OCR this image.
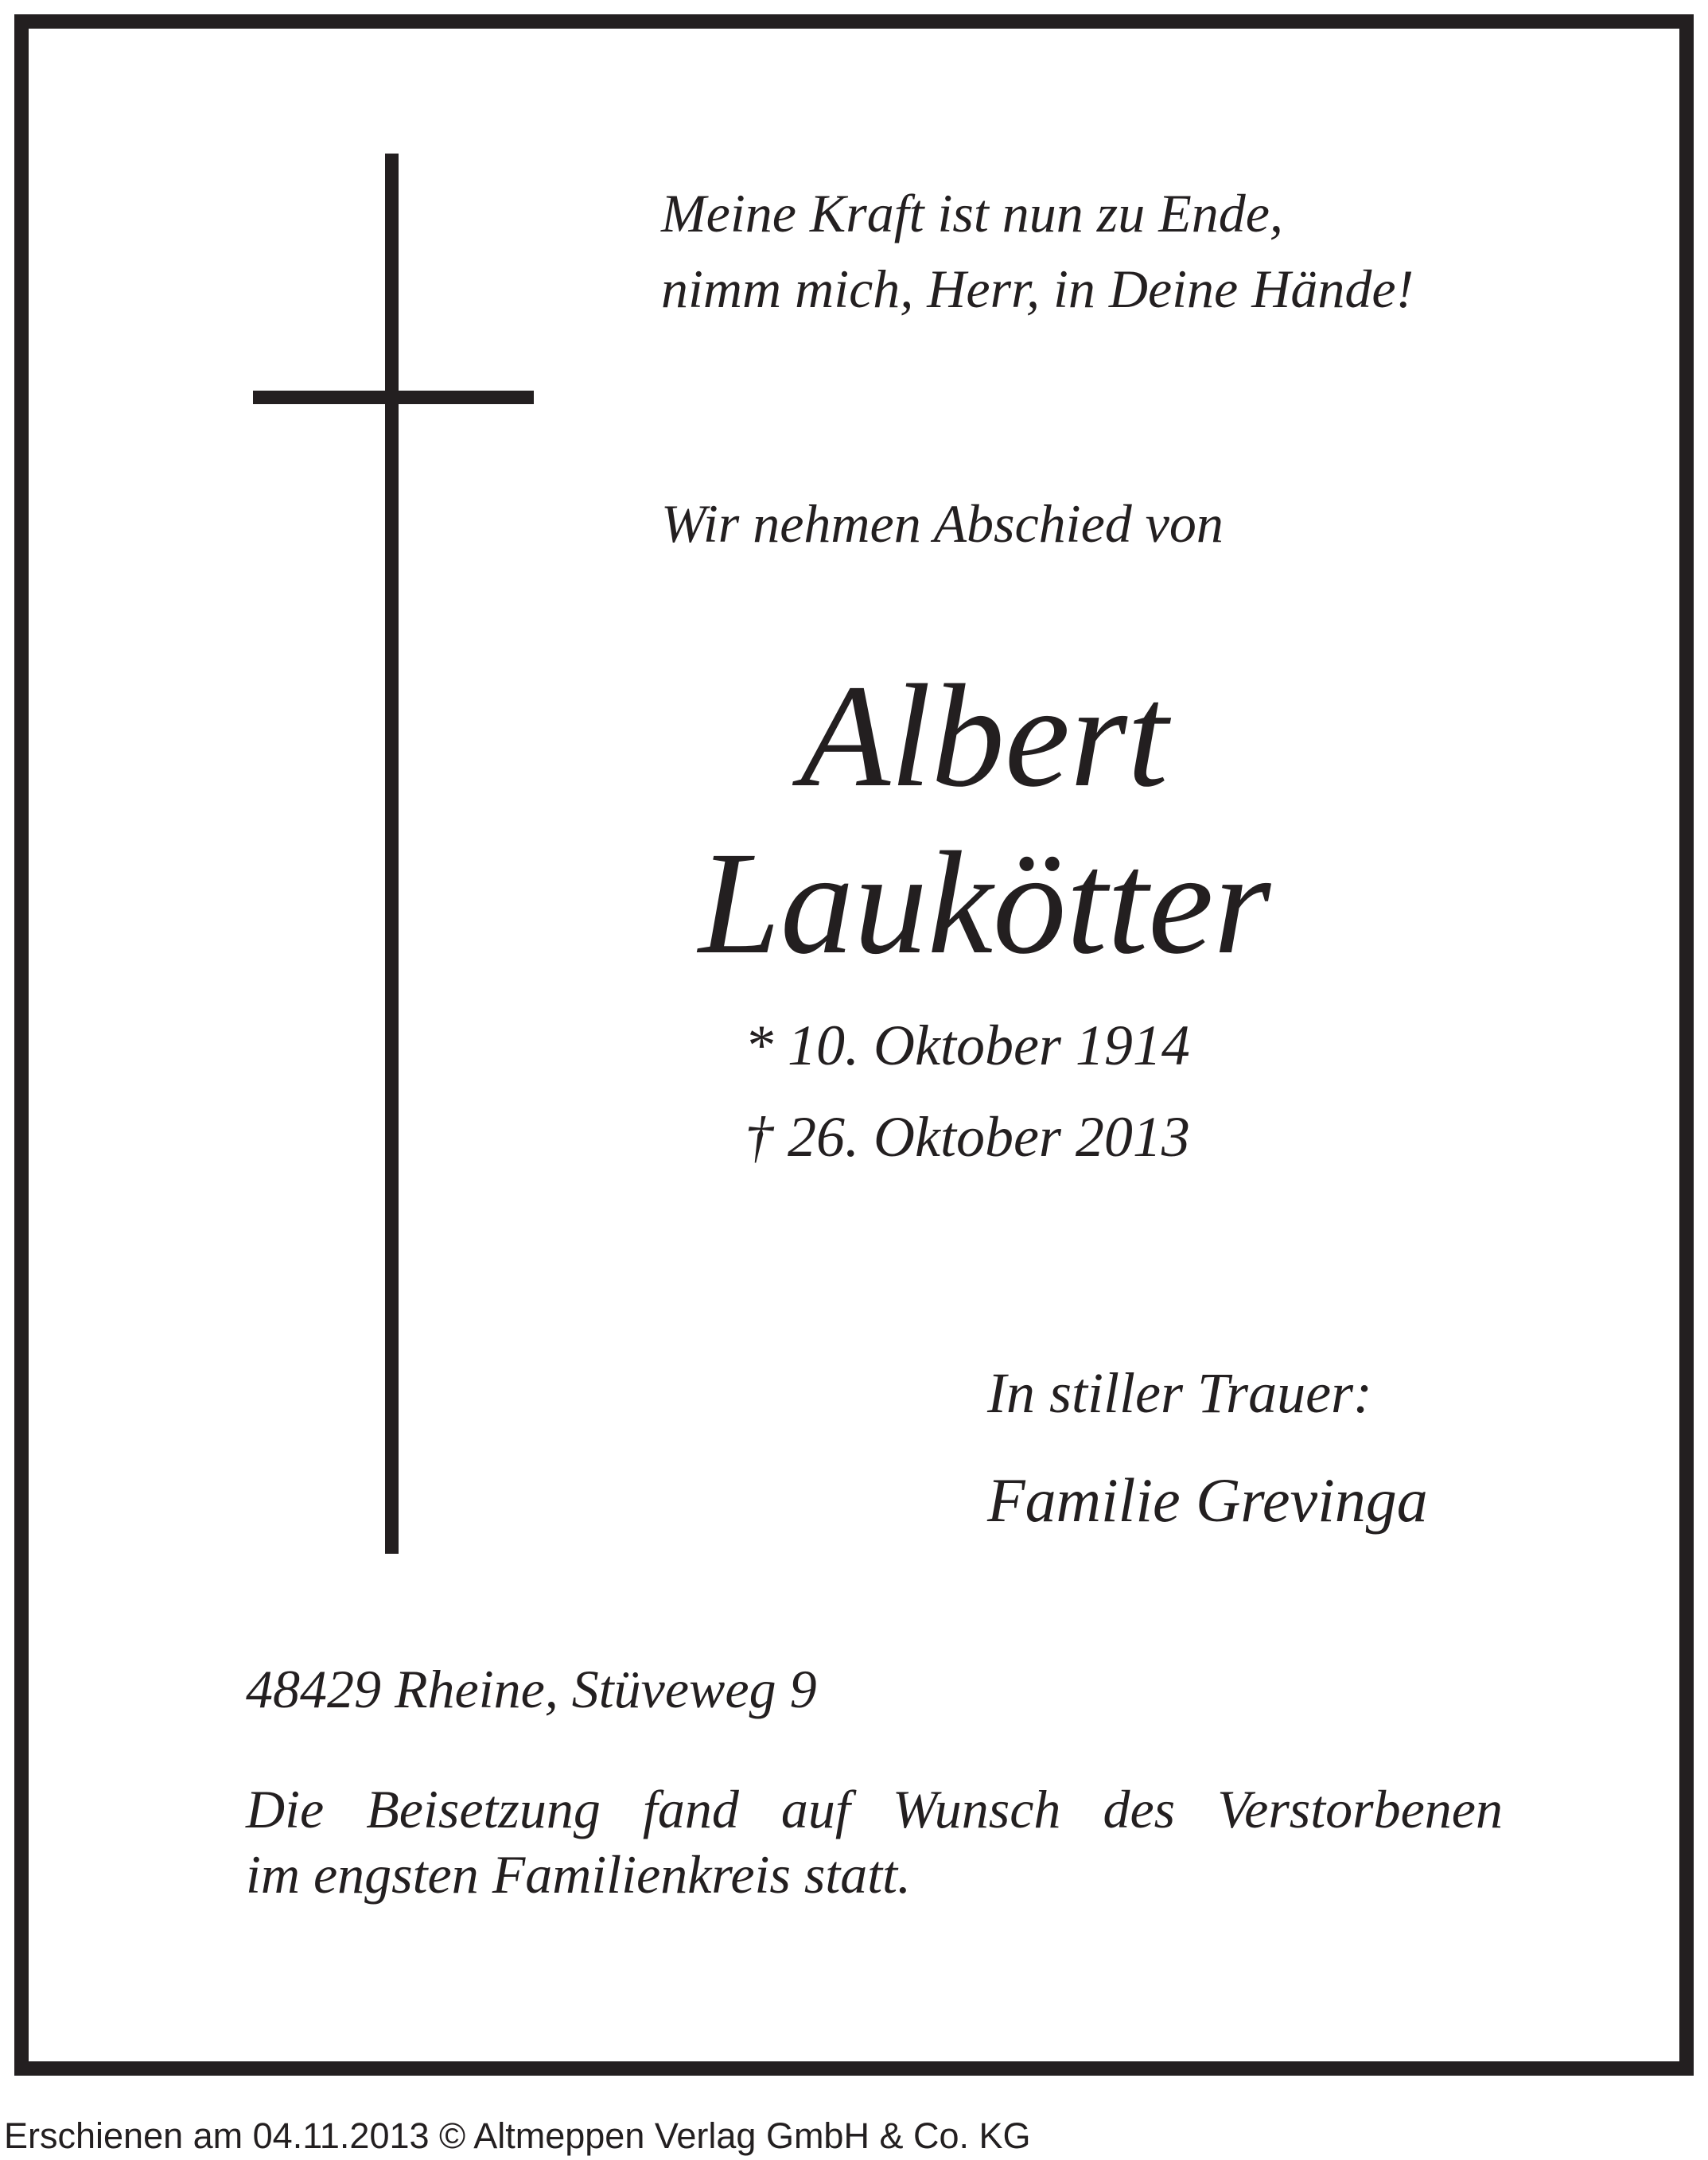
Meine Kraft ist nun zu Ende,
nimm mich, Herr, in Deine Hände!

Wir nehmen Abschied von

Albert

Laukötter

* 10. Oktober 1914

† 26. Oktober 2013

In stiller Trauer:

Familie Grevinga

48429 Rheine, Stüveweg 9

Die Beisetzung fand auf Wunsch des Verstorbenen
im engsten Familienkreis statt.

Erschienen am 04.11.2013 © Altmeppen Verlag GmbH & Co. KG
